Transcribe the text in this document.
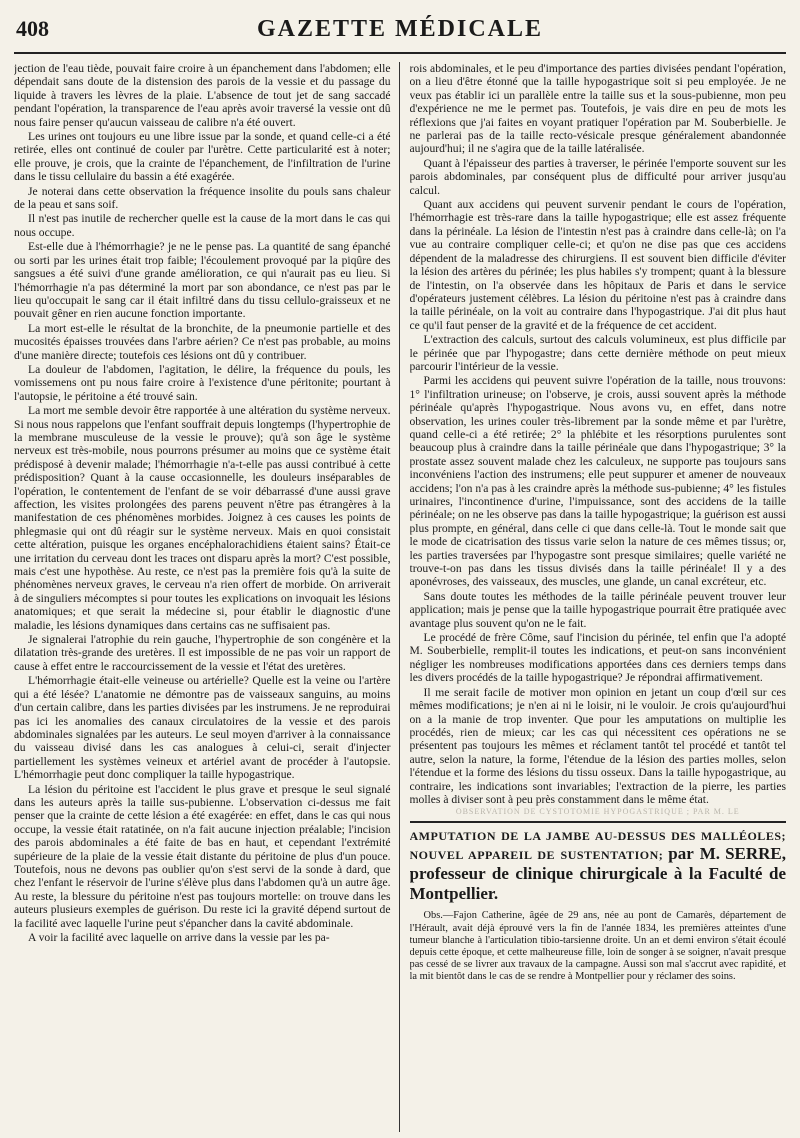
408	GAZETTE MÉDICALE

jection de l'eau tiède, pouvait faire croire à un épanchement dans l'abdomen; elle dépendait sans doute de la distension des parois de la vessie et du passage du liquide à travers les lèvres de la plaie. L'absence de tout jet de sang saccadé pendant l'opération, la transparence de l'eau après avoir traversé la vessie ont dû nous faire penser qu'aucun vaisseau de calibre n'a été ouvert.

Les urines ont toujours eu une libre issue par la sonde, et quand celle-ci a été retirée, elles ont continué de couler par l'urètre. Cette particularité est à noter; elle prouve, je crois, que la crainte de l'épanchement, de l'infiltration de l'urine dans le tissu cellulaire du bassin a été exagérée.

Je noterai dans cette observation la fréquence insolite du pouls sans chaleur de la peau et sans soif.

Il n'est pas inutile de rechercher quelle est la cause de la mort dans le cas qui nous occupe.

Est-elle due à l'hémorrhagie? je ne le pense pas. La quantité de sang épanché ou sorti par les urines était trop faible; l'écoulement provoqué par la piqûre des sangsues a été suivi d'une grande amélioration, ce qui n'aurait pas eu lieu. Si l'hémorrhagie n'a pas déterminé la mort par son abondance, ce n'est pas par le lieu qu'occupait le sang car il était infiltré dans du tissu cellulo-graisseux et ne pouvait gêner en rien aucune fonction importante.

La mort est-elle le résultat de la bronchite, de la pneumonie partielle et des mucosités épaisses trouvées dans l'arbre aérien? Ce n'est pas probable, au moins d'une manière directe; toutefois ces lésions ont dû y contribuer.

La douleur de l'abdomen, l'agitation, le délire, la fréquence du pouls, les vomissemens ont pu nous faire croire à l'existence d'une péritonite; pourtant à l'autopsie, le péritoine a été trouvé sain.

La mort me semble devoir être rapportée à une altération du système nerveux. Si nous nous rappelons que l'enfant souffrait depuis longtemps (l'hypertrophie de la membrane musculeuse de la vessie le prouve); qu'à son âge le système nerveux est très-mobile, nous pourrons présumer au moins que ce système était prédisposé à devenir malade; l'hémorrhagie n'a-t-elle pas aussi contribué à cette prédisposition? Quant à la cause occasionnelle, les douleurs inséparables de l'opération, le contentement de l'enfant de se voir débarrassé d'une aussi grave affection, les visites prolongées des parens peuvent n'être pas étrangères à la manifestation de ces phénomènes morbides. Joignez à ces causes les points de phlegmasie qui ont dû réagir sur le système nerveux. Mais en quoi consistait cette altération, puisque les organes encéphalorachidiens étaient sains? Était-ce une irritation du cerveau dont les traces ont disparu après la mort? C'est possible, mais c'est une hypothèse. Au reste, ce n'est pas la première fois qu'à la suite de phénomènes nerveux graves, le cerveau n'a rien offert de morbide. On arriverait à de singuliers mécomptes si pour toutes les explications on invoquait les lésions anatomiques; et que serait la médecine si, pour établir le diagnostic d'une maladie, les lésions dynamiques dans certains cas ne suffisaient pas.

Je signalerai l'atrophie du rein gauche, l'hypertrophie de son congénère et la dilatation très-grande des uretères. Il est impossible de ne pas voir un rapport de cause à effet entre le raccourcissement de la vessie et l'état des uretères.

L'hémorrhagie était-elle veineuse ou artérielle? Quelle est la veine ou l'artère qui a été lésée? L'anatomie ne démontre pas de vaisseaux sanguins, au moins d'un certain calibre, dans les parties divisées par les instrumens. Je ne reproduirai pas ici les anomalies des canaux circulatoires de la vessie et des parois abdominales signalées par les auteurs. Le seul moyen d'arriver à la connaissance du vaisseau divisé dans les cas analogues à celui-ci, serait d'injecter partiellement les systèmes veineux et artériel avant de procéder à l'autopsie. L'hémorrhagie peut donc compliquer la taille hypogastrique.

La lésion du péritoine est l'accident le plus grave et presque le seul signalé dans les auteurs après la taille sus-pubienne. L'observation ci-dessus me fait penser que la crainte de cette lésion a été exagérée: en effet, dans le cas qui nous occupe, la vessie était ratatinée, on n'a fait aucune injection préalable; l'incision des parois abdominales a été faite de bas en haut, et cependant l'extrémité supérieure de la plaie de la vessie était distante du péritoine de plus d'un pouce. Toutefois, nous ne devons pas oublier qu'on s'est servi de la sonde à dard, que chez l'enfant le réservoir de l'urine s'élève plus dans l'abdomen qu'à un autre âge. Au reste, la blessure du péritoine n'est pas toujours mortelle: on trouve dans les auteurs plusieurs exemples de guérison. Du reste ici la gravité dépend surtout de la facilité avec laquelle l'urine peut s'épancher dans la cavité abdominale.

A voir la facilité avec laquelle on arrive dans la vessie par les pa-

rois abdominales, et le peu d'importance des parties divisées pendant l'opération, on a lieu d'être étonné que la taille hypogastrique soit si peu employée. Je ne veux pas établir ici un parallèle entre la taille sus et la sous-pubienne, mon peu d'expérience ne me le permet pas. Toutefois, je vais dire en peu de mots les réflexions que j'ai faites en voyant pratiquer l'opération par M. Souberbielle. Je ne parlerai pas de la taille recto-vésicale presque généralement abandonnée aujourd'hui; il ne s'agira que de la taille latéralisée.

Quant à l'épaisseur des parties à traverser, le périnée l'emporte souvent sur les parois abdominales, par conséquent plus de difficulté pour arriver jusqu'au calcul.

Quant aux accidens qui peuvent survenir pendant le cours de l'opération, l'hémorrhagie est très-rare dans la taille hypogastrique; elle est assez fréquente dans la périnéale. La lésion de l'intestin n'est pas à craindre dans celle-là; on l'a vue au contraire compliquer celle-ci; et qu'on ne dise pas que ces accidens dépendent de la maladresse des chirurgiens. Il est souvent bien difficile d'éviter la lésion des artères du périnée; les plus habiles s'y trompent; quant à la blessure de l'intestin, on l'a observée dans les hôpitaux de Paris et dans le service d'opérateurs justement célèbres. La lésion du péritoine n'est pas à craindre dans la taille périnéale, on la voit au contraire dans l'hypogastrique. J'ai dit plus haut ce qu'il faut penser de la gravité et de la fréquence de cet accident.

L'extraction des calculs, surtout des calculs volumineux, est plus difficile par le périnée que par l'hypogastre; dans cette dernière méthode on peut mieux parcourir l'intérieur de la vessie.

Parmi les accidens qui peuvent suivre l'opération de la taille, nous trouvons: 1° l'infiltration urineuse; on l'observe, je crois, aussi souvent après la méthode périnéale qu'après l'hypogastrique. Nous avons vu, en effet, dans notre observation, les urines couler très-librement par la sonde même et par l'urètre, quand celle-ci a été retirée; 2° la phlébite et les résorptions purulentes sont beaucoup plus à craindre dans la taille périnéale que dans l'hypogastrique; 3° la prostate assez souvent malade chez les calculeux, ne supporte pas toujours sans inconvéniens l'action des instrumens; elle peut suppurer et amener de nouveaux accidens; l'on n'a pas à les craindre après la méthode sus-pubienne; 4° les fistules urinaires, l'incontinence d'urine, l'impuissance, sont des accidens de la taille périnéale; on ne les observe pas dans la taille hypogastrique; la guérison est aussi plus prompte, en général, dans celle ci que dans celle-là. Tout le monde sait que le mode de cicatrisation des tissus varie selon la nature de ces mêmes tissus; or, les parties traversées par l'hypogastre sont presque similaires; quelle variété ne trouve-t-on pas dans les tissus divisés dans la taille périnéale! Il y a des aponévroses, des vaisseaux, des muscles, une glande, un canal excréteur, etc.

Sans doute toutes les méthodes de la taille périnéale peuvent trouver leur application; mais je pense que la taille hypogastrique pourrait être pratiquée avec avantage plus souvent qu'on ne le fait.

Le procédé de frère Côme, sauf l'incision du périnée, tel enfin que l'a adopté M. Souberbielle, remplit-il toutes les indications, et peut-on sans inconvénient négliger les nombreuses modifications apportées dans ces derniers temps dans les divers procédés de la taille hypogastrique? Je répondrai affirmativement.

Il me serait facile de motiver mon opinion en jetant un coup d'œil sur ces mêmes modifications; je n'en ai ni le loisir, ni le vouloir. Je crois qu'aujourd'hui on a la manie de trop inventer. Que pour les amputations on multiplie les procédés, rien de mieux; car les cas qui nécessitent ces opérations ne se présentent pas toujours les mêmes et réclament tantôt tel procédé et tantôt tel autre, selon la nature, la forme, l'étendue de la lésion des parties molles, selon l'étendue et la forme des lésions du tissu osseux. Dans la taille hypogastrique, au contraire, les indications sont invariables; l'extraction de la pierre, les parties molles à diviser sont à peu près constamment dans le même état.

OBSERVATION DE CYSTOTOMIE HYPOGASTRIQUE ; PAR M. LE

AMPUTATION DE LA JAMBE AU-DESSUS DES MALLÉOLES; NOUVEL APPAREIL DE SUSTENTATION; par M. SERRE, professeur de clinique chirurgicale à la Faculté de Montpellier.

Obs.—Fajon Catherine, âgée de 29 ans, née au pont de Camarès, département de l'Hérault, avait déjà éprouvé vers la fin de l'année 1834, les premières atteintes d'une tumeur blanche à l'articulation tibio-tarsienne droite. Un an et demi environ s'était écoulé depuis cette époque, et cette malheureuse fille, loin de songer à se soigner, n'avait presque pas cessé de se livrer aux travaux de la campagne. Aussi son mal s'accrut avec rapidité, et la mit bientôt dans le cas de se rendre à Montpellier pour y réclamer des soins.
